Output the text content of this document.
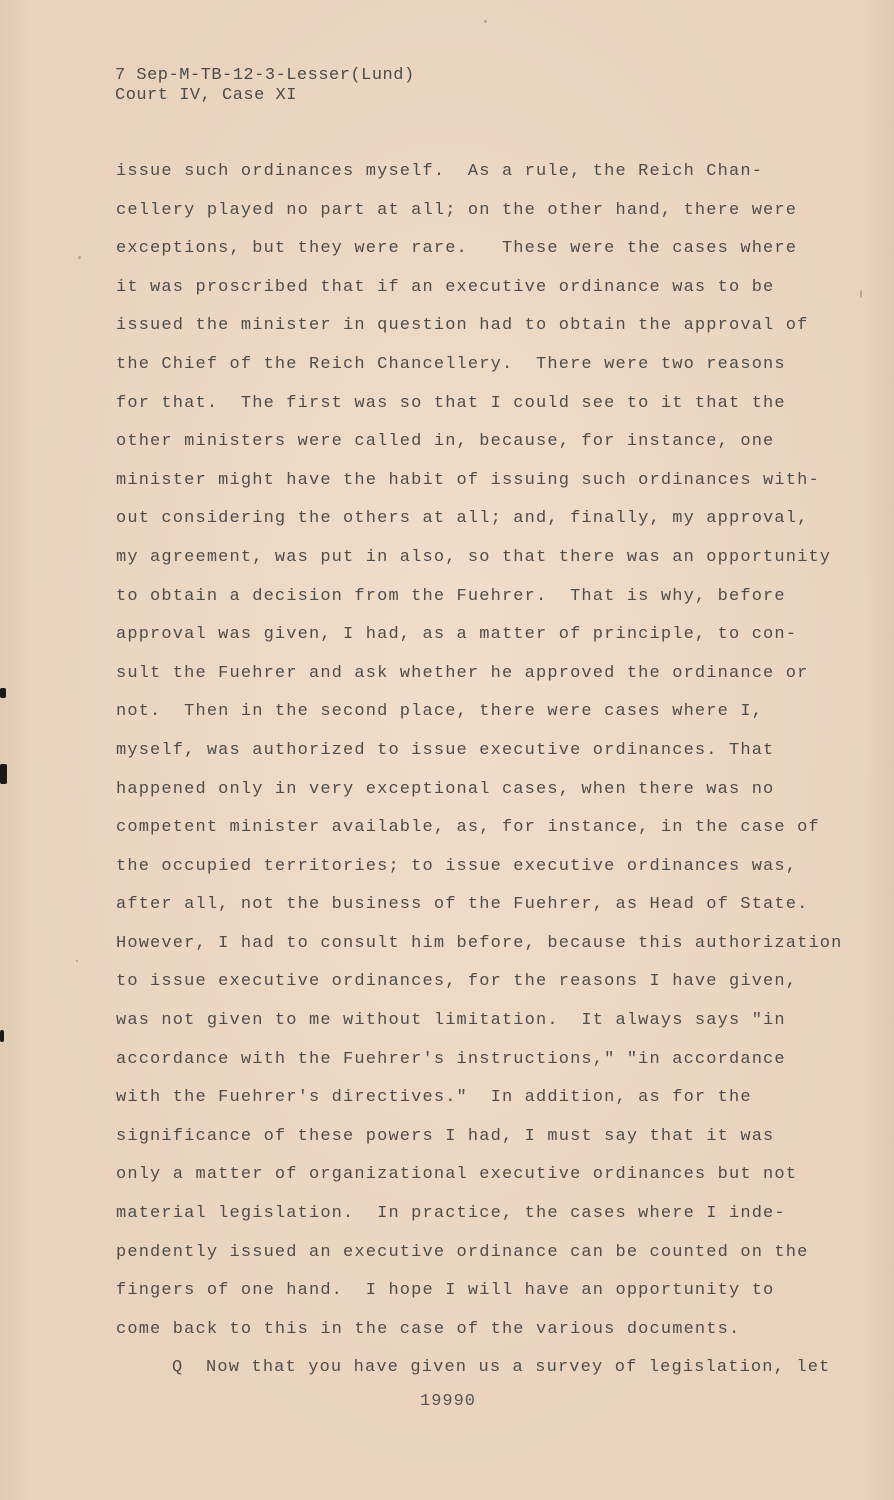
7 Sep-M-TB-12-3-Lesser(Lund)
Court IV, Case XI
issue such ordinances myself.  As a rule, the Reich Chan-
cellery played no part at all; on the other hand, there were
exceptions, but they were rare.   These were the cases where
it was proscribed that if an executive ordinance was to be
issued the minister in question had to obtain the approval of
the Chief of the Reich Chancellery.  There were two reasons
for that.  The first was so that I could see to it that the
other ministers were called in, because, for instance, one
minister might have the habit of issuing such ordinances with-
out considering the others at all; and, finally, my approval,
my agreement, was put in also, so that there was an opportunity
to obtain a decision from the Fuehrer.  That is why, before
approval was given, I had, as a matter of principle, to con-
sult the Fuehrer and ask whether he approved the ordinance or
not.  Then in the second place, there were cases where I,
myself, was authorized to issue executive ordinances. That
happened only in very exceptional cases, when there was no
competent minister available, as, for instance, in the case of
the occupied territories; to issue executive ordinances was,
after all, not the business of the Fuehrer, as Head of State.
However, I had to consult him before, because this authorization
to issue executive ordinances, for the reasons I have given,
was not given to me without limitation.  It always says "in
accordance with the Fuehrer's instructions," "in accordance
with the Fuehrer's directives."  In addition, as for the
significance of these powers I had, I must say that it was
only a matter of organizational executive ordinances but not
material legislation.  In practice, the cases where I inde-
pendently issued an executive ordinance can be counted on the
fingers of one hand.  I hope I will have an opportunity to
come back to this in the case of the various documents.
Q  Now that you have given us a survey of legislation, let
19990
